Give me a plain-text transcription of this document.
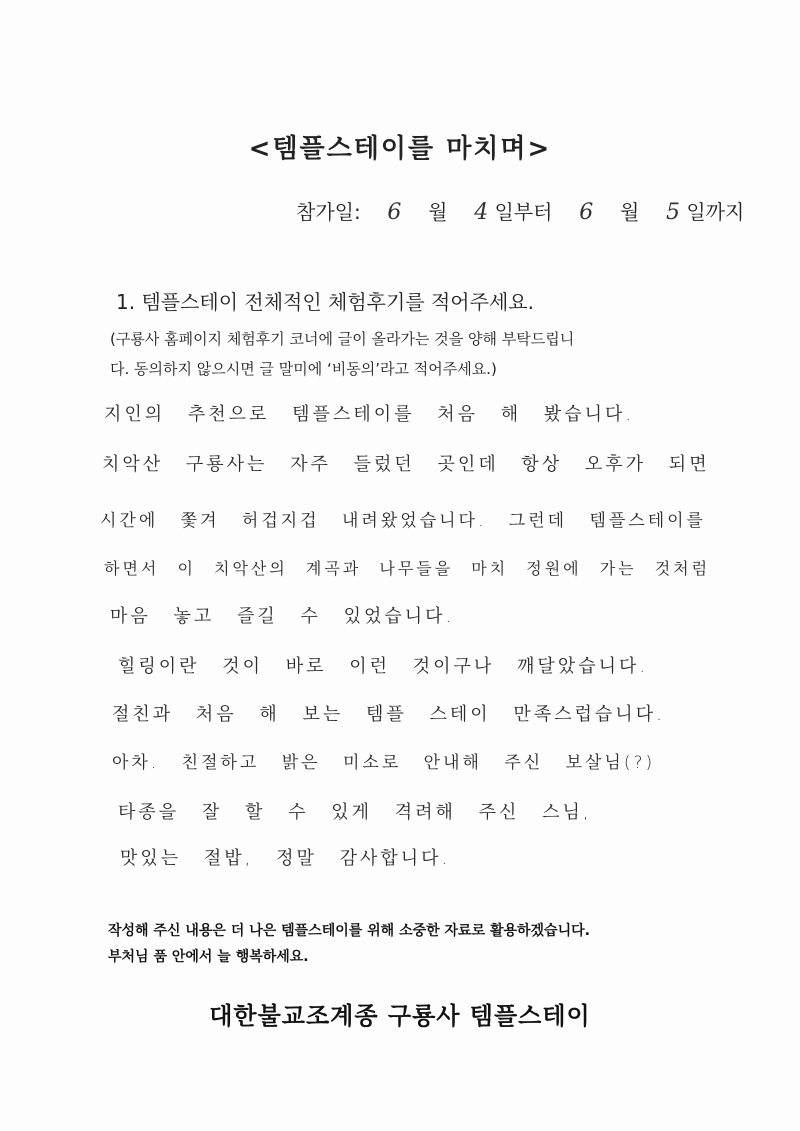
<템플스테이를 마치며>
참가일: 6 월 4 일부터 6 월 5 일까지
1. 템플스테이 전체적인 체험후기를 적어주세요.
(구룡사 홈페이지 체험후기 코너에 글이 올라가는 것을 양해 부탁드립니
다. 동의하지 않으시면 글 말미에 ‘비동의’라고 적어주세요.)
지인의 추천으로 템플스테이를 처음 해 봤습니다.
치악산 구룡사는 자주 들렀던 곳인데 항상 오후가 되면
시간에 쫓겨 허겁지겁 내려왔었습니다. 그런데 템플스테이를
하면서 이 치악산의 계곡과 나무들을 마치 정원에 가는 것처럼
마음 놓고 즐길 수 있었습니다.
힐링이란 것이 바로 이런 것이구나 깨달았습니다.
절친과 처음 해 보는 템플 스테이 만족스럽습니다.
아차. 친절하고 밝은 미소로 안내해 주신 보살님(?)
타종을 잘 할 수 있게 격려해 주신 스님,
맛있는 절밥, 정말 감사합니다.
작성해 주신 내용은 더 나은 템플스테이를 위해 소중한 자료로 활용하겠습니다.
부처님 품 안에서 늘 행복하세요.
대한불교조계종 구룡사 템플스테이
